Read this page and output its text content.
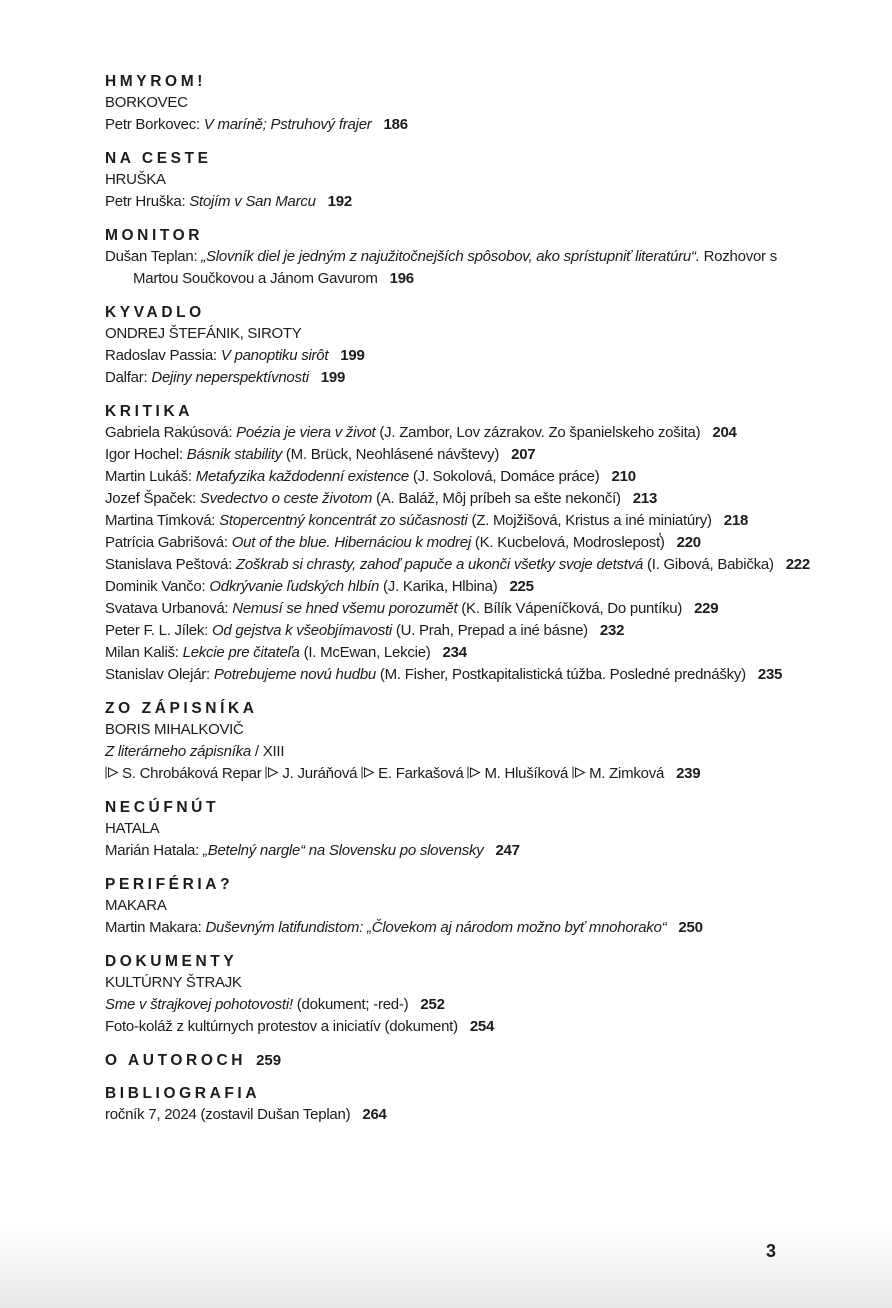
HMYROM!
BORKOVEC
Petr Borkovec: V maríně; Pstruhový frajer 186
NA CESTE
HRUŠKA
Petr Hruška: Stojím v San Marcu 192
MONITOR
Dušan Teplan: „Slovník diel je jedným z najužitočnejších spôsobov, ako sprístupniť literatúru“. Rozhovor s Martou Součkovou a Jánom Gavurom 196
KYVADLO
ONDREJ ŠTEFÁNIK, SIROTY
Radoslav Passia: V panoptiku sirôt 199
Dalfar: Dejiny neperspektívnosti 199
KRITIKA
Gabriela Rakúsová: Poézia je viera v život (J. Zambor, Lov zázrakov. Zo španielskeho zošita) 204
Igor Hochel: Básnik stability (M. Brück, Neohlásené návštevy) 207
Martin Lukáš: Metafyzika každodenní existence (J. Sokolová, Domáce práce) 210
Jozef Špaček: Svedectvo o ceste životom (A. Baláž, Môj príbeh sa ešte nekončí) 213
Martina Timková: Stopercentný koncentrát zo súčasnosti (Z. Mojžišová, Kristus a iné miniatúry) 218
Patrícia Gabrišová: Out of the blue. Hibernáciou k modrej (K. Kucbelová, Modroslepost̕) 220
Stanislava Peštová: Zoškrab si chrasty, zahoď papuče a ukonči všetky svoje detstvá (I. Gibová, Babička) 222
Dominik Vančo: Odkrývanie ľudských hlbín (J. Karika, Hlbina) 225
Svatava Urbanová: Nemusí se hned všemu porozumět (K. Bílík Vápeníčková, Do puntíku) 229
Peter F. L. Jílek: Od gejstva k všeobjímavosti (U. Prah, Prepad a iné básne) 232
Milan Kališ: Lekcie pre čitateľa (I. McEwan, Lekcie) 234
Stanislav Olejár: Potrebujeme novú hudbu (M. Fisher, Postkapitalistická túžba. Posledné prednášky) 235
ZO ZÁPISNÍKA
BORIS MIHALKOVIČ
Z literárneho zápisníka / XIII
S. Chrobáková Repar J. Juráňová E. Farkašová M. Hlušíková M. Zimková 239
NECÚFNÚT
HATALA
Marián Hatala: „Betelný nargle“ na Slovensku po slovensky 247
PERIFÉRIA?
MAKARA
Martin Makara: Duševným latifundistom: „Človekom aj národom možno byť mnohorako“ 250
DOKUMENTY
KULTÚRNY ŠTRAJK
Sme v štrajkovej pohotovosti! (dokument; -red-) 252
Foto-koláž z kultúrnych protestov a iniciatív (dokument) 254
O AUTOROCH 259
BIBLIOGRAFIA
ročník 7, 2024 (zostavil Dušan Teplan) 264
3
